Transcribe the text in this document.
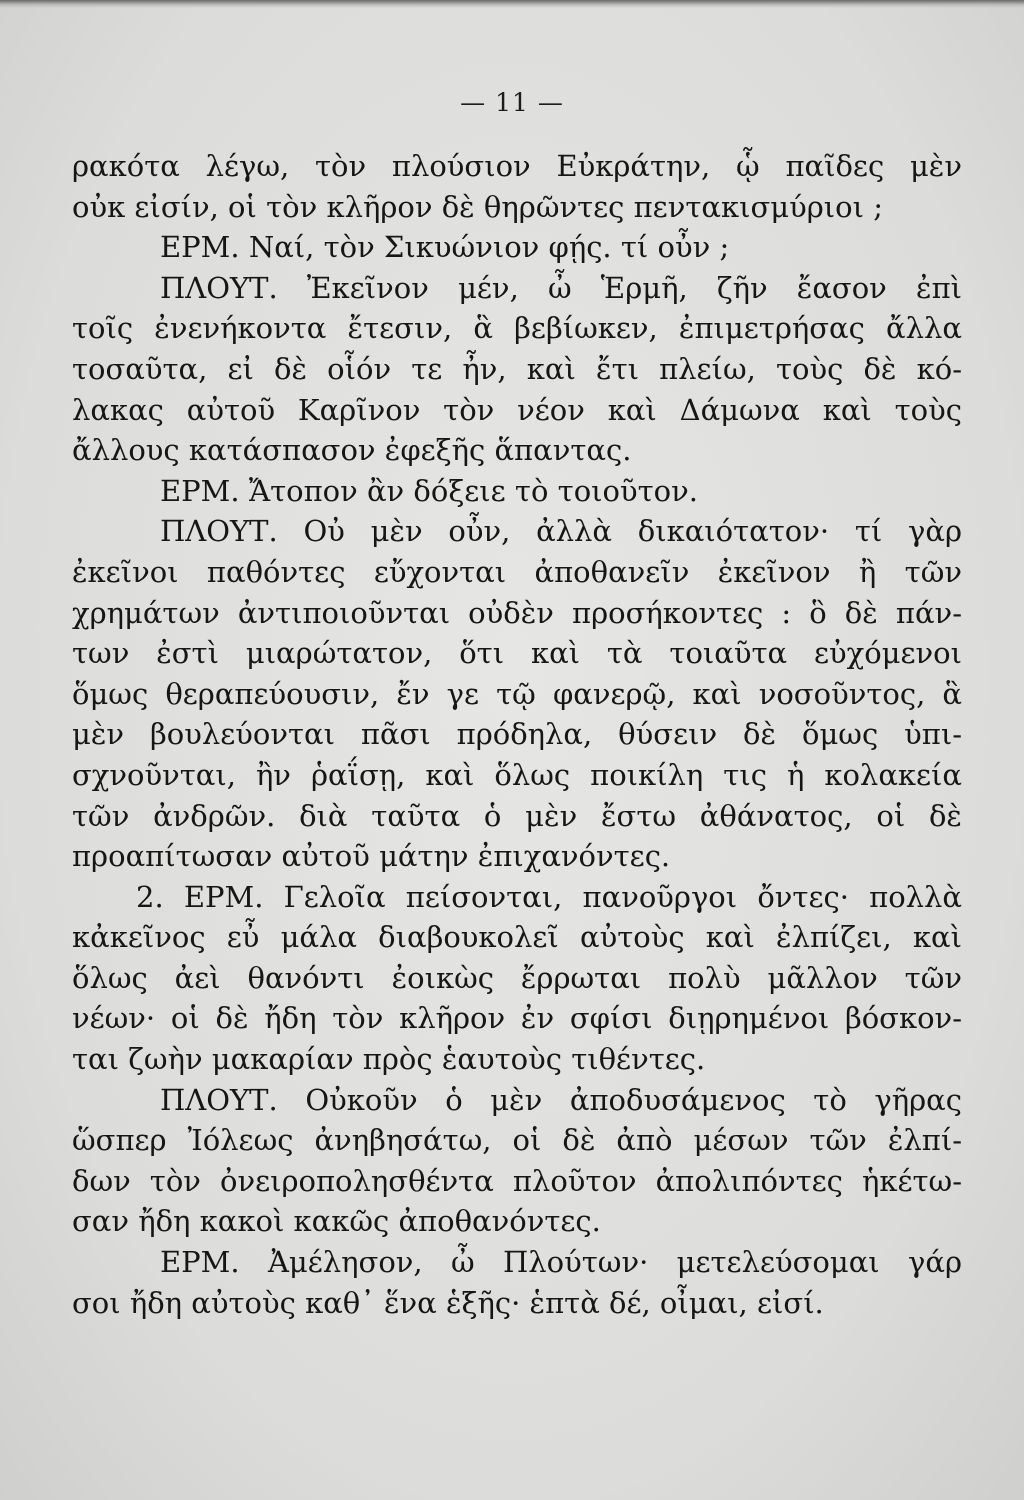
— 11 —
ρακότα λέγω, τὸν πλούσιον Εὐκράτην, ᾧ παῖδες μὲν
οὐκ εἰσίν, οἱ τὸν κλῆρον δὲ θηρῶντες πεντακισμύριοι ;
ΕΡΜ. Ναί, τὸν Σικυώνιον φῄς. τί οὖν ;
ΠΛΟΥΤ. Ἐκεῖνον μέν, ὦ Ἑρμῆ, ζῆν ἔασον ἐπὶ
τοῖς ἐνενήκοντα ἔτεσιν, ἃ βεβίωκεν, ἐπιμετρήσας ἄλλα
τοσαῦτα, εἰ δὲ οἷόν τε ἦν, καὶ ἔτι πλείω, τοὺς δὲ κό-
λακας αὐτοῦ Καρῖνον τὸν νέον καὶ Δάμωνα καὶ τοὺς
ἄλλους κατάσπασον ἐφεξῆς ἅπαντας.
ΕΡΜ. Ἄτοπον ἂν δόξειε τὸ τοιοῦτον.
ΠΛΟΥΤ. Οὐ μὲν οὖν, ἀλλὰ δικαιότατον· τί γὰρ
ἐκεῖνοι παθόντες εὔχονται ἀποθανεῖν ἐκεῖνον ἢ τῶν
χρημάτων ἀντιποιοῦνται οὐδὲν προσήκοντες : ὃ δὲ πάν-
των ἐστὶ μιαρώτατον, ὅτι καὶ τὰ τοιαῦτα εὐχόμενοι
ὅμως θεραπεύουσιν, ἔν γε τῷ φανερῷ, καὶ νοσοῦντος, ἃ
μὲν βουλεύονται πᾶσι πρόδηλα, θύσειν δὲ ὅμως ὑπι-
σχνοῦνται, ἢν ῥαΐσῃ, καὶ ὅλως ποικίλη τις ἡ κολακεία
τῶν ἀνδρῶν. διὰ ταῦτα ὁ μὲν ἔστω ἀθάνατος, οἱ δὲ
προαπίτωσαν αὐτοῦ μάτην ἐπιχανόντες.
2. ΕΡΜ. Γελοῖα πείσονται, πανοῦργοι ὄντες· πολλὰ
κἀκεῖνος εὖ μάλα διαβουκολεῖ αὐτοὺς καὶ ἐλπίζει, καὶ
ὅλως ἀεὶ θανόντι ἐοικὼς ἔρρωται πολὺ μᾶλλον τῶν
νέων· οἱ δὲ ἤδη τὸν κλῆρον ἐν σφίσι διῃρημένοι βόσκον-
ται ζωὴν μακαρίαν πρὸς ἑαυτοὺς τιθέντες.
ΠΛΟΥΤ. Οὐκοῦν ὁ μὲν ἀποδυσάμενος τὸ γῆρας
ὥσπερ Ἰόλεως ἀνηβησάτω, οἱ δὲ ἀπὸ μέσων τῶν ἐλπί-
δων τὸν ὀνειροπολησθέντα πλοῦτον ἀπολιπόντες ἡκέτω-
σαν ἤδη κακοὶ κακῶς ἀποθανόντες.
ΕΡΜ. Ἀμέλησον, ὦ Πλούτων· μετελεύσομαι γάρ
σοι ἤδη αὐτοὺς καθ᾽ ἕνα ἑξῆς· ἑπτὰ δέ, οἶμαι, εἰσί.
